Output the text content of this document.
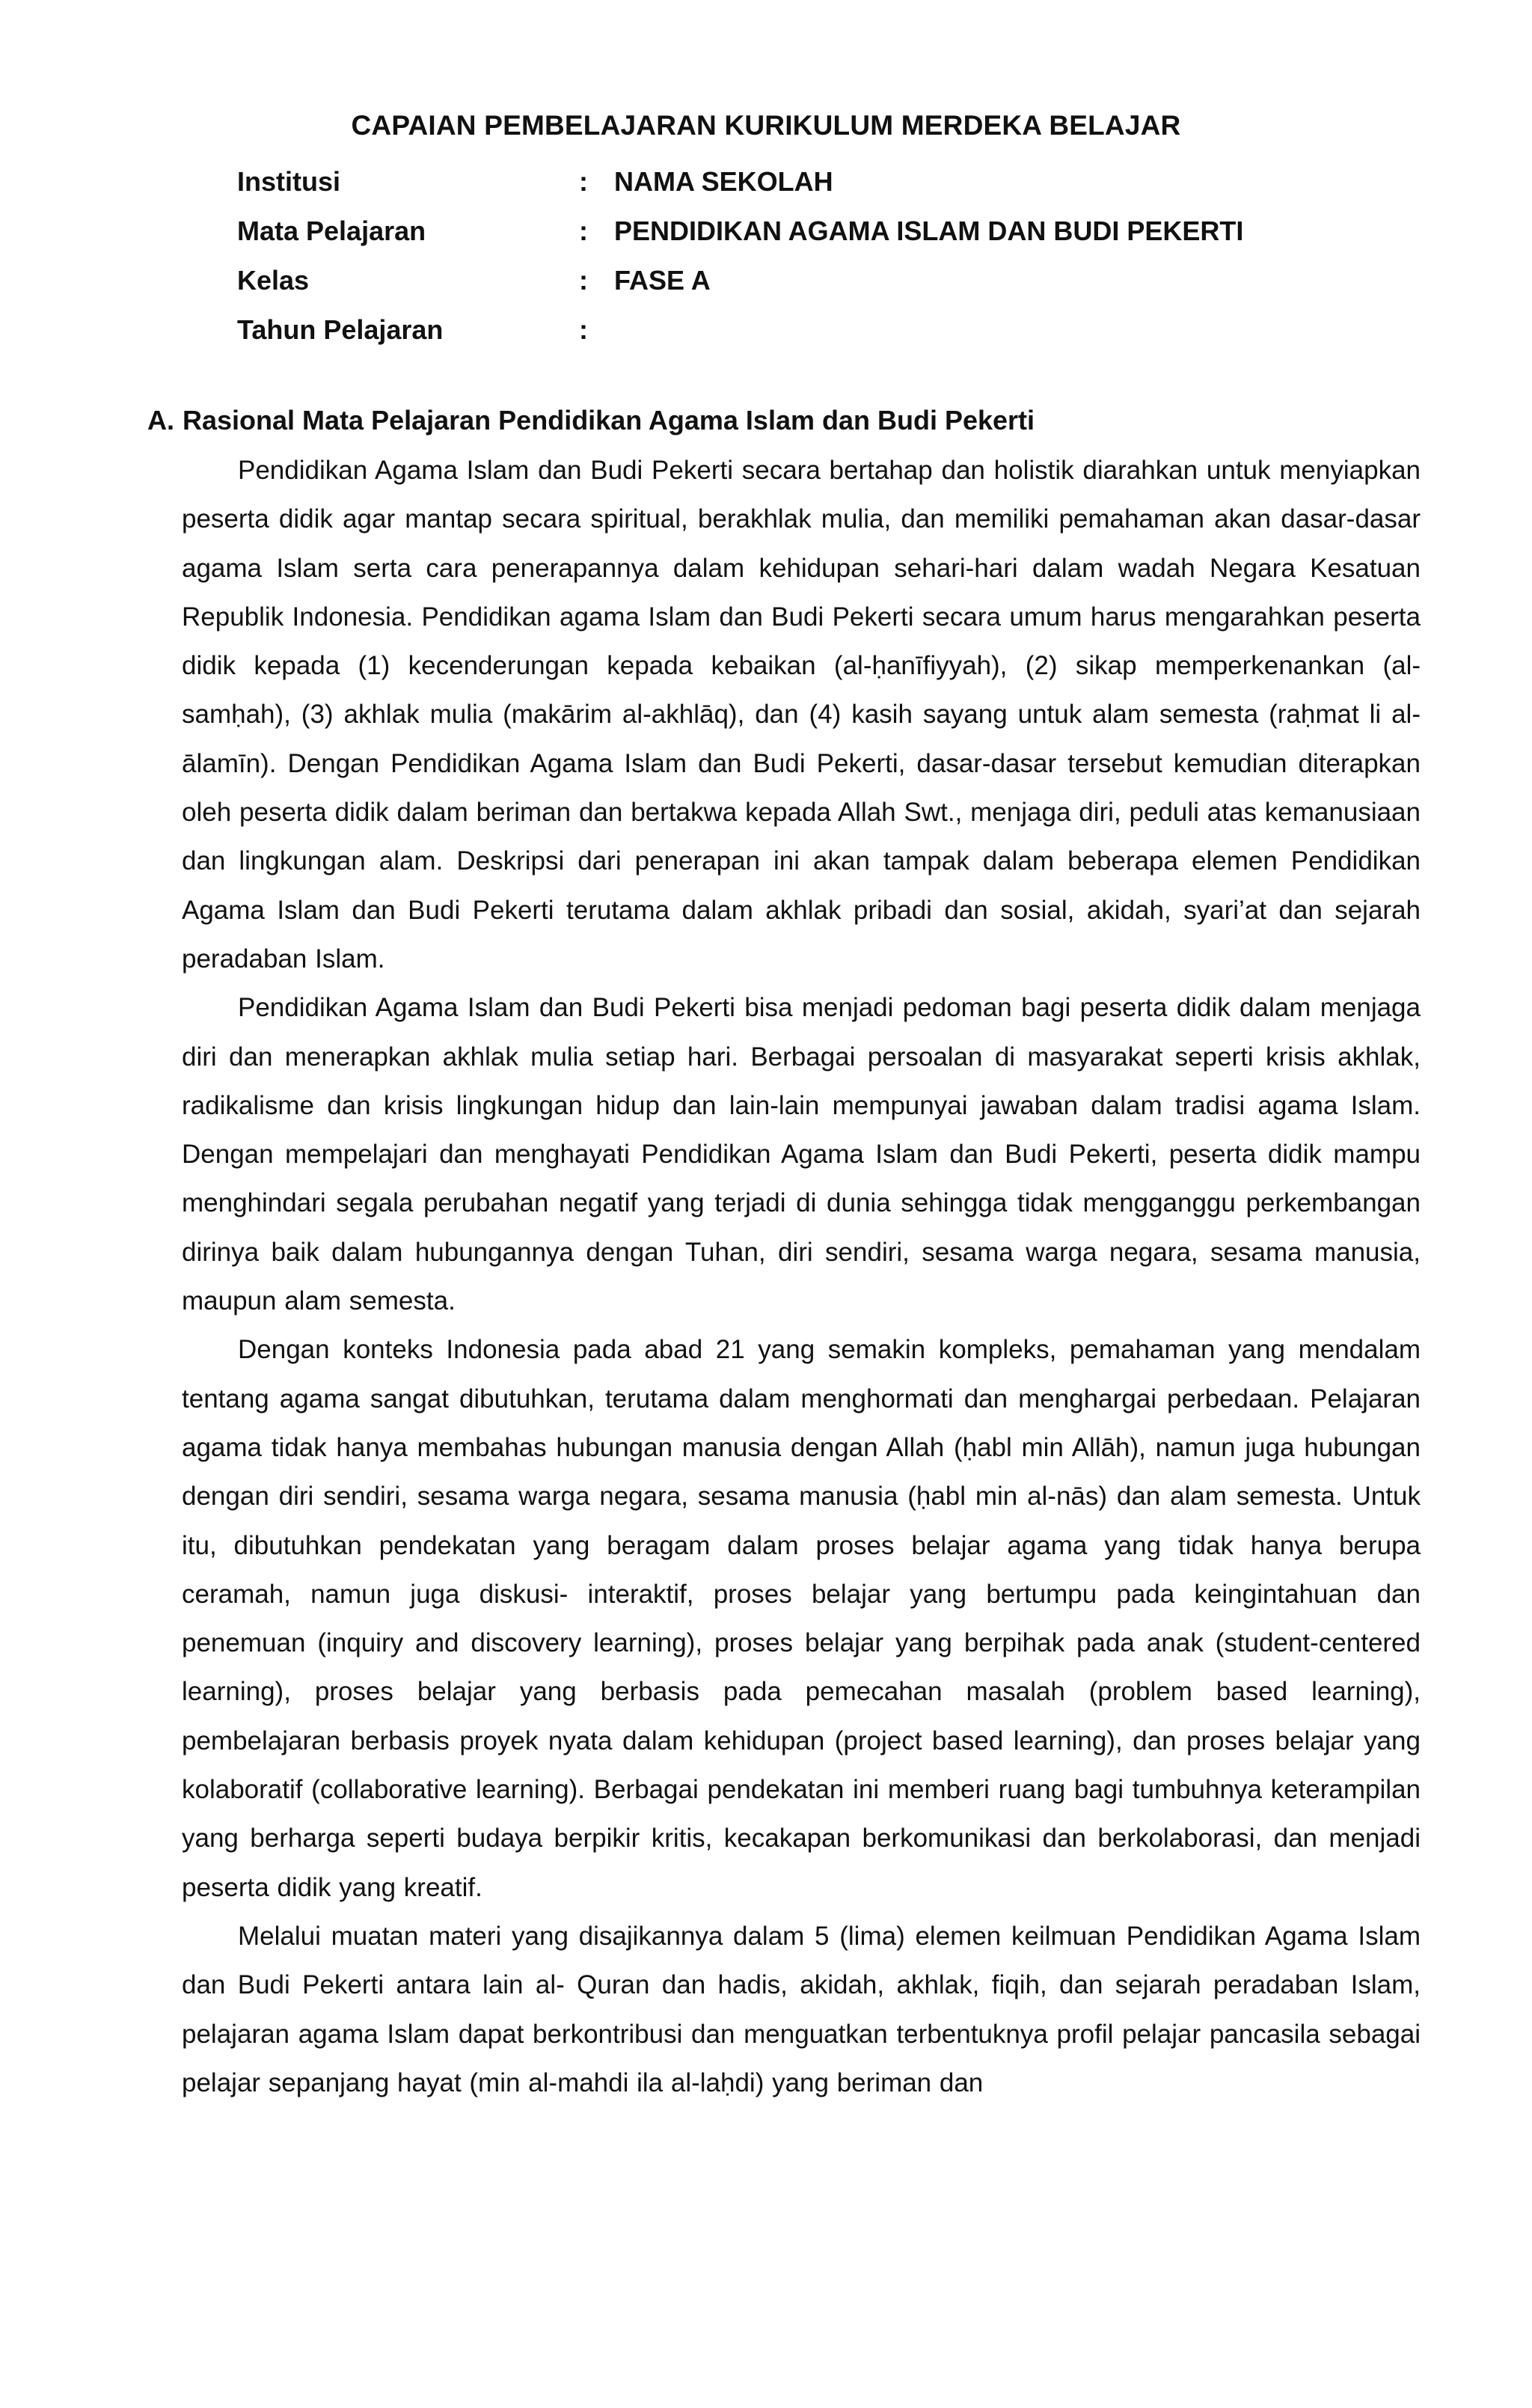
CAPAIAN PEMBELAJARAN KURIKULUM MERDEKA BELAJAR
Institusi	: NAMA SEKOLAH
Mata Pelajaran	: PENDIDIKAN AGAMA ISLAM DAN BUDI PEKERTI
Kelas	: FASE A
Tahun Pelajaran	:
A. Rasional Mata Pelajaran Pendidikan Agama Islam dan Budi Pekerti

Pendidikan Agama Islam dan Budi Pekerti secara bertahap dan holistik diarahkan untuk menyiapkan peserta didik agar mantap secara spiritual, berakhlak mulia, dan memiliki pemahaman akan dasar-dasar agama Islam serta cara penerapannya dalam kehidupan sehari-hari dalam wadah Negara Kesatuan Republik Indonesia. Pendidikan agama Islam dan Budi Pekerti secara umum harus mengarahkan peserta didik kepada (1) kecenderungan kepada kebaikan (al-ḥanīfiyyah), (2) sikap memperkenankan (al-samḥah), (3) akhlak mulia (makārim al-akhlāq), dan (4) kasih sayang untuk alam semesta (raḥmat li al-ālamīn). Dengan Pendidikan Agama Islam dan Budi Pekerti, dasar-dasar tersebut kemudian diterapkan oleh peserta didik dalam beriman dan bertakwa kepada Allah Swt., menjaga diri, peduli atas kemanusiaan dan lingkungan alam. Deskripsi dari penerapan ini akan tampak dalam beberapa elemen Pendidikan Agama Islam dan Budi Pekerti terutama dalam akhlak pribadi dan sosial, akidah, syari’at dan sejarah peradaban Islam.

Pendidikan Agama Islam dan Budi Pekerti bisa menjadi pedoman bagi peserta didik dalam menjaga diri dan menerapkan akhlak mulia setiap hari. Berbagai persoalan di masyarakat seperti krisis akhlak, radikalisme dan krisis lingkungan hidup dan lain-lain mempunyai jawaban dalam tradisi agama Islam. Dengan mempelajari dan menghayati Pendidikan Agama Islam dan Budi Pekerti, peserta didik mampu menghindari segala perubahan negatif yang terjadi di dunia sehingga tidak mengganggu perkembangan dirinya baik dalam hubungannya dengan Tuhan, diri sendiri, sesama warga negara, sesama manusia, maupun alam semesta.

Dengan konteks Indonesia pada abad 21 yang semakin kompleks, pemahaman yang mendalam tentang agama sangat dibutuhkan, terutama dalam menghormati dan menghargai perbedaan. Pelajaran agama tidak hanya membahas hubungan manusia dengan Allah (ḥabl min Allāh), namun juga hubungan dengan diri sendiri, sesama warga negara, sesama manusia (ḥabl min al-nās) dan alam semesta. Untuk itu, dibutuhkan pendekatan yang beragam dalam proses belajar agama yang tidak hanya berupa ceramah, namun juga diskusi- interaktif, proses belajar yang bertumpu pada keingintahuan dan penemuan (inquiry and discovery learning), proses belajar yang berpihak pada anak (student-centered learning), proses belajar yang berbasis pada pemecahan masalah (problem based learning), pembelajaran berbasis proyek nyata dalam kehidupan (project based learning), dan proses belajar yang kolaboratif (collaborative learning). Berbagai pendekatan ini memberi ruang bagi tumbuhnya keterampilan yang berharga seperti budaya berpikir kritis, kecakapan berkomunikasi dan berkolaborasi, dan menjadi peserta didik yang kreatif.

Melalui muatan materi yang disajikannya dalam 5 (lima) elemen keilmuan Pendidikan Agama Islam dan Budi Pekerti antara lain al- Quran dan hadis, akidah, akhlak, fiqih, dan sejarah peradaban Islam, pelajaran agama Islam dapat berkontribusi dan menguatkan terbentuknya profil pelajar pancasila sebagai pelajar sepanjang hayat (min al-mahdi ila al-laḥdi) yang beriman dan
